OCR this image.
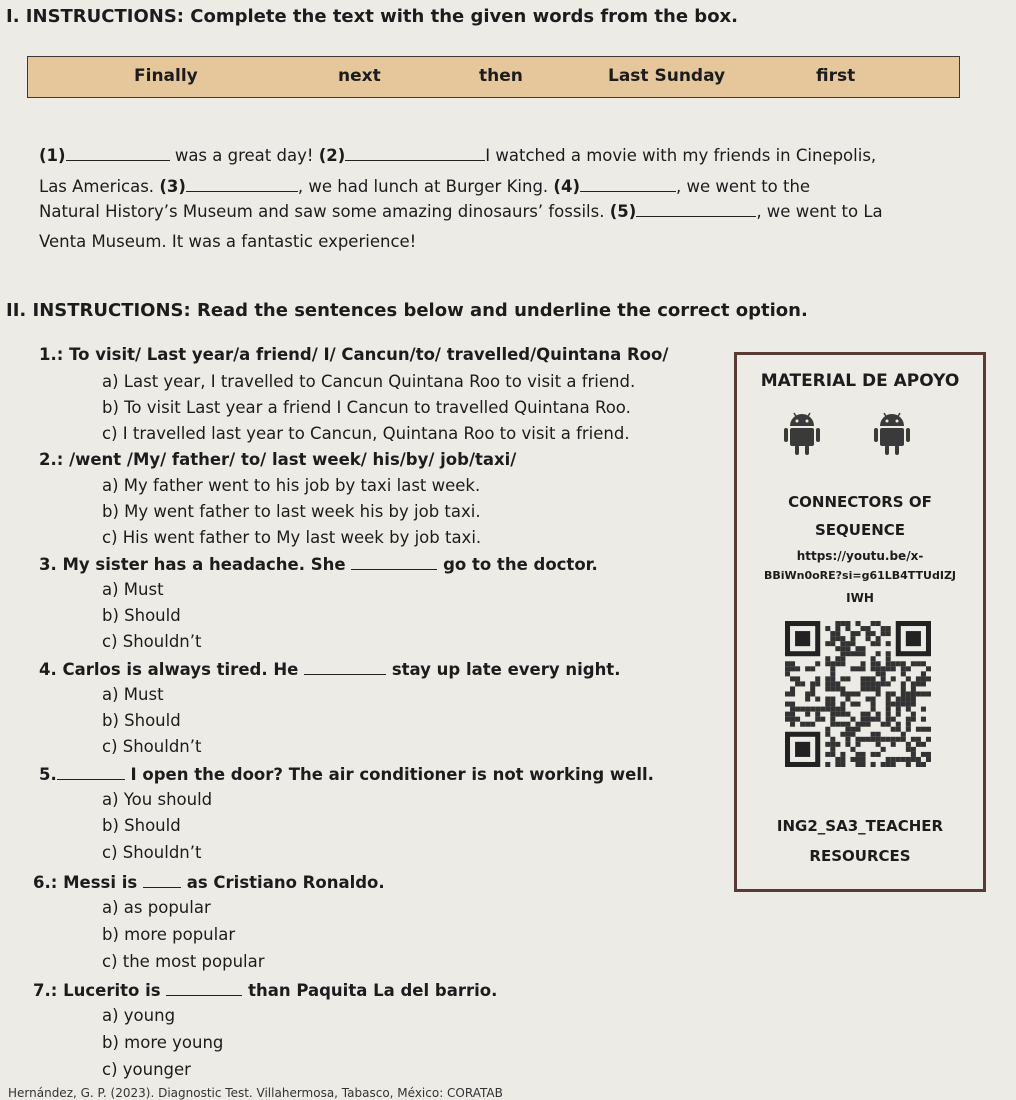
I. INSTRUCTIONS: Complete the text with the given words from the box.
Finally	next	then	Last Sunday	first
(1)	was a great day! (2)	I watched a movie with my friends in Cinepolis,
Las Americas. (3)	, we had lunch at Burger King. (4)	, we went to the
Natural History’s Museum and saw some amazing dinosaurs’ fossils. (5)	, we went to La
Venta Museum. It was a fantastic experience!
II. INSTRUCTIONS: Read the sentences below and underline the correct option.
1.: To visit/ Last year/a friend/ I/ Cancun/to/ travelled/Quintana Roo/
a) Last year, I travelled to Cancun Quintana Roo to visit a friend.
b) To visit Last year a friend I Cancun to travelled Quintana Roo.
c) I travelled last year to Cancun, Quintana Roo to visit a friend.
2.: /went /My/ father/ to/ last week/ his/by/ job/taxi/
a) My father went to his job by taxi last week.
b) My went father to last week his by job taxi.
c) His went father to My last week by job taxi.
3. My sister has a headache. She	go to the doctor.
a) Must
b) Should
c) Shouldn’t
4. Carlos is always tired. He	stay up late every night.
a) Must
b) Should
c) Shouldn’t
5.	I open the door? The air conditioner is not working well.
a) You should
b) Should
c) Shouldn’t
6.: Messi is	as Cristiano Ronaldo.
a) as popular
b) more popular
c) the most popular
7.: Lucerito is	than Paquita La del barrio.
a) young
b) more young
c) younger
MATERIAL DE APOYO
CONNECTORS OF
SEQUENCE
https://youtu.be/x-
BBiWn0oRE?si=g61LB4TTUdIZJ
IWH
ING2_SA3_TEACHER
RESOURCES
Hernández, G. P. (2023). Diagnostic Test. Villahermosa, Tabasco, México: CORATAB
